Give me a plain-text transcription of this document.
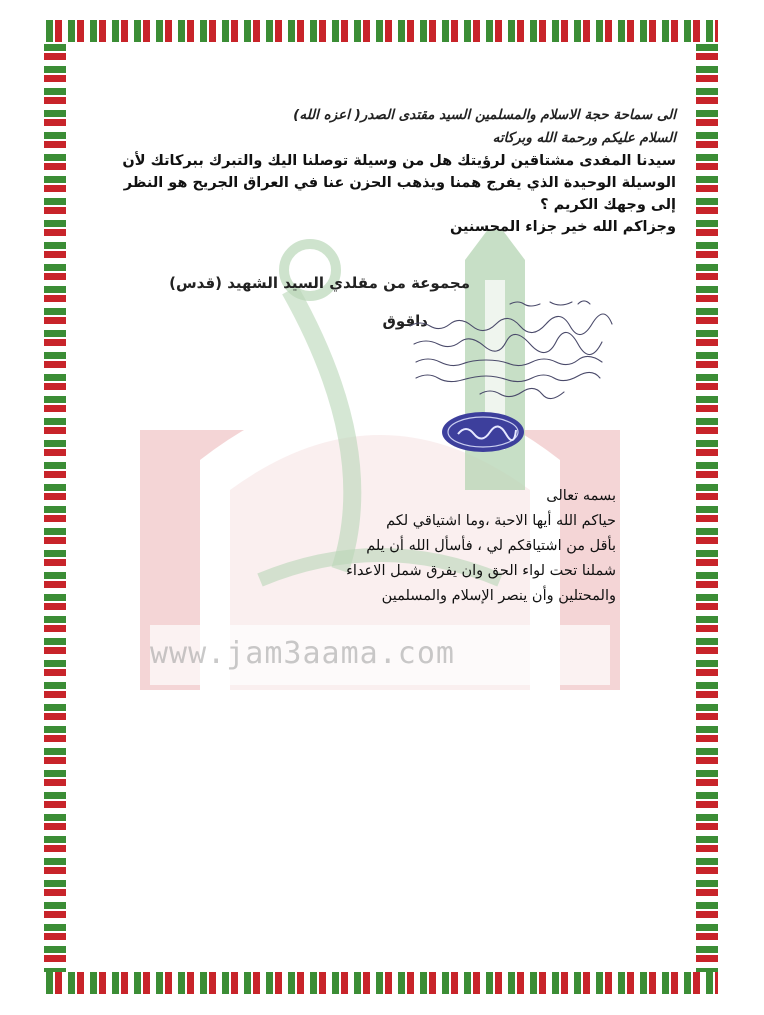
www.jam3aama.com

الى سماحة حجة الاسلام والمسلمين السيد مقتدى الصدر( اعزه الله)

السلام عليكم ورحمة الله وبركاته

سيدنا المفدى مشتاقين لرؤيتك هل من وسيلة توصلنا اليك والتبرك ببركاتك لأن

الوسيلة الوحيدة الذي يفرج همنا ويذهب الحزن عنا في العراق الجريح هو النظر

إلى وجهك الكريم ؟

وجزاكم الله خير جزاء المحسنين

مجموعة من مقلدي السيد الشهيد (قدس)
داقوق

بسمه تعالى

حياكم الله أيها الاحبة ،وما اشتياقي لكم

بأقل من اشتياقكم لي ، فأسأل الله أن يلم

شملنا تحت لواء الحق وان يفرق شمل الاعداء

والمحتلين وأن ينصر الإسلام والمسلمين
